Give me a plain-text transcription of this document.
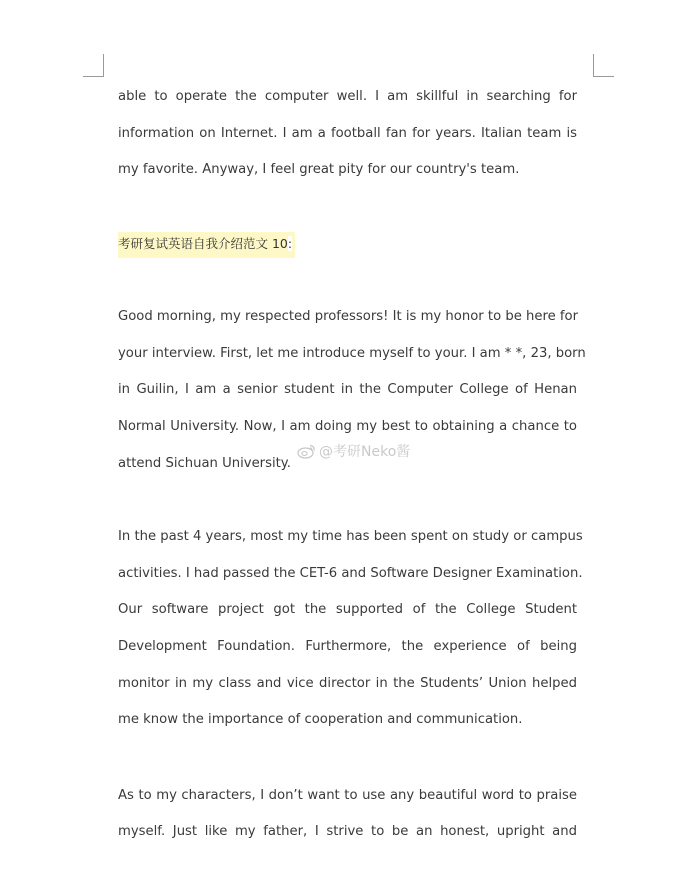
able to operate the computer well. I am skillful in searching for
information on Internet. I am a football fan for years. Italian team is
my favorite. Anyway, I feel great pity for our country's team.
考研复试英语自我介绍范文 10:
Good morning, my respected professors! It is my honor to be here for
your interview. First, let me introduce myself to your. I am * *, 23, born
in Guilin, I am a senior student in the Computer College of Henan
Normal University. Now, I am doing my best to obtaining a chance to
attend Sichuan University.
In the past 4 years, most my time has been spent on study or campus
activities. I had passed the CET-6 and Software Designer Examination.
Our software project got the supported of the College Student
Development Foundation. Furthermore, the experience of being
monitor in my class and vice director in the Students’ Union helped
me know the importance of cooperation and communication.
As to my characters, I don’t want to use any beautiful word to praise
myself. Just like my father, I strive to be an honest, upright and
@考研Neko酱
